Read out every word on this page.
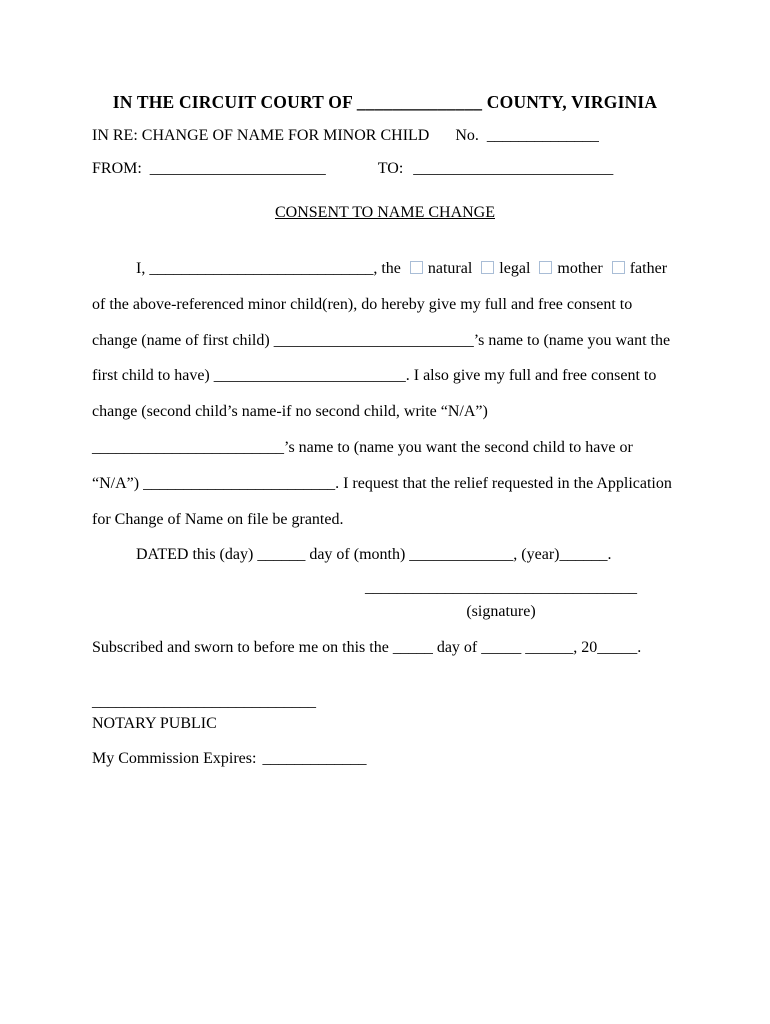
IN THE CIRCUIT COURT OF ______________ COUNTY, VIRGINIA
IN RE: CHANGE OF NAME FOR MINOR CHILD No. ______________
FROM: ______________________	TO: _________________________
CONSENT TO NAME CHANGE

I, ____________________________, the natural legal mother father of the above-referenced minor child(ren), do hereby give my full and free consent to change (name of first child) _________________________’s name to (name you want the first child to have) ________________________. I also give my full and free consent to change (second child’s name-if no second child, write “N/A”) ________________________’s name to (name you want the second child to have or “N/A”) ________________________. I request that the relief requested in the Application for Change of Name on file be granted.

DATED this (day) ______ day of (month) _____________, (year)______.

__________________________________
(signature)

Subscribed and sworn to before me on this the _____ day of _____ ______, 20_____.

____________________________
NOTARY PUBLIC
My Commission Expires: _____________
